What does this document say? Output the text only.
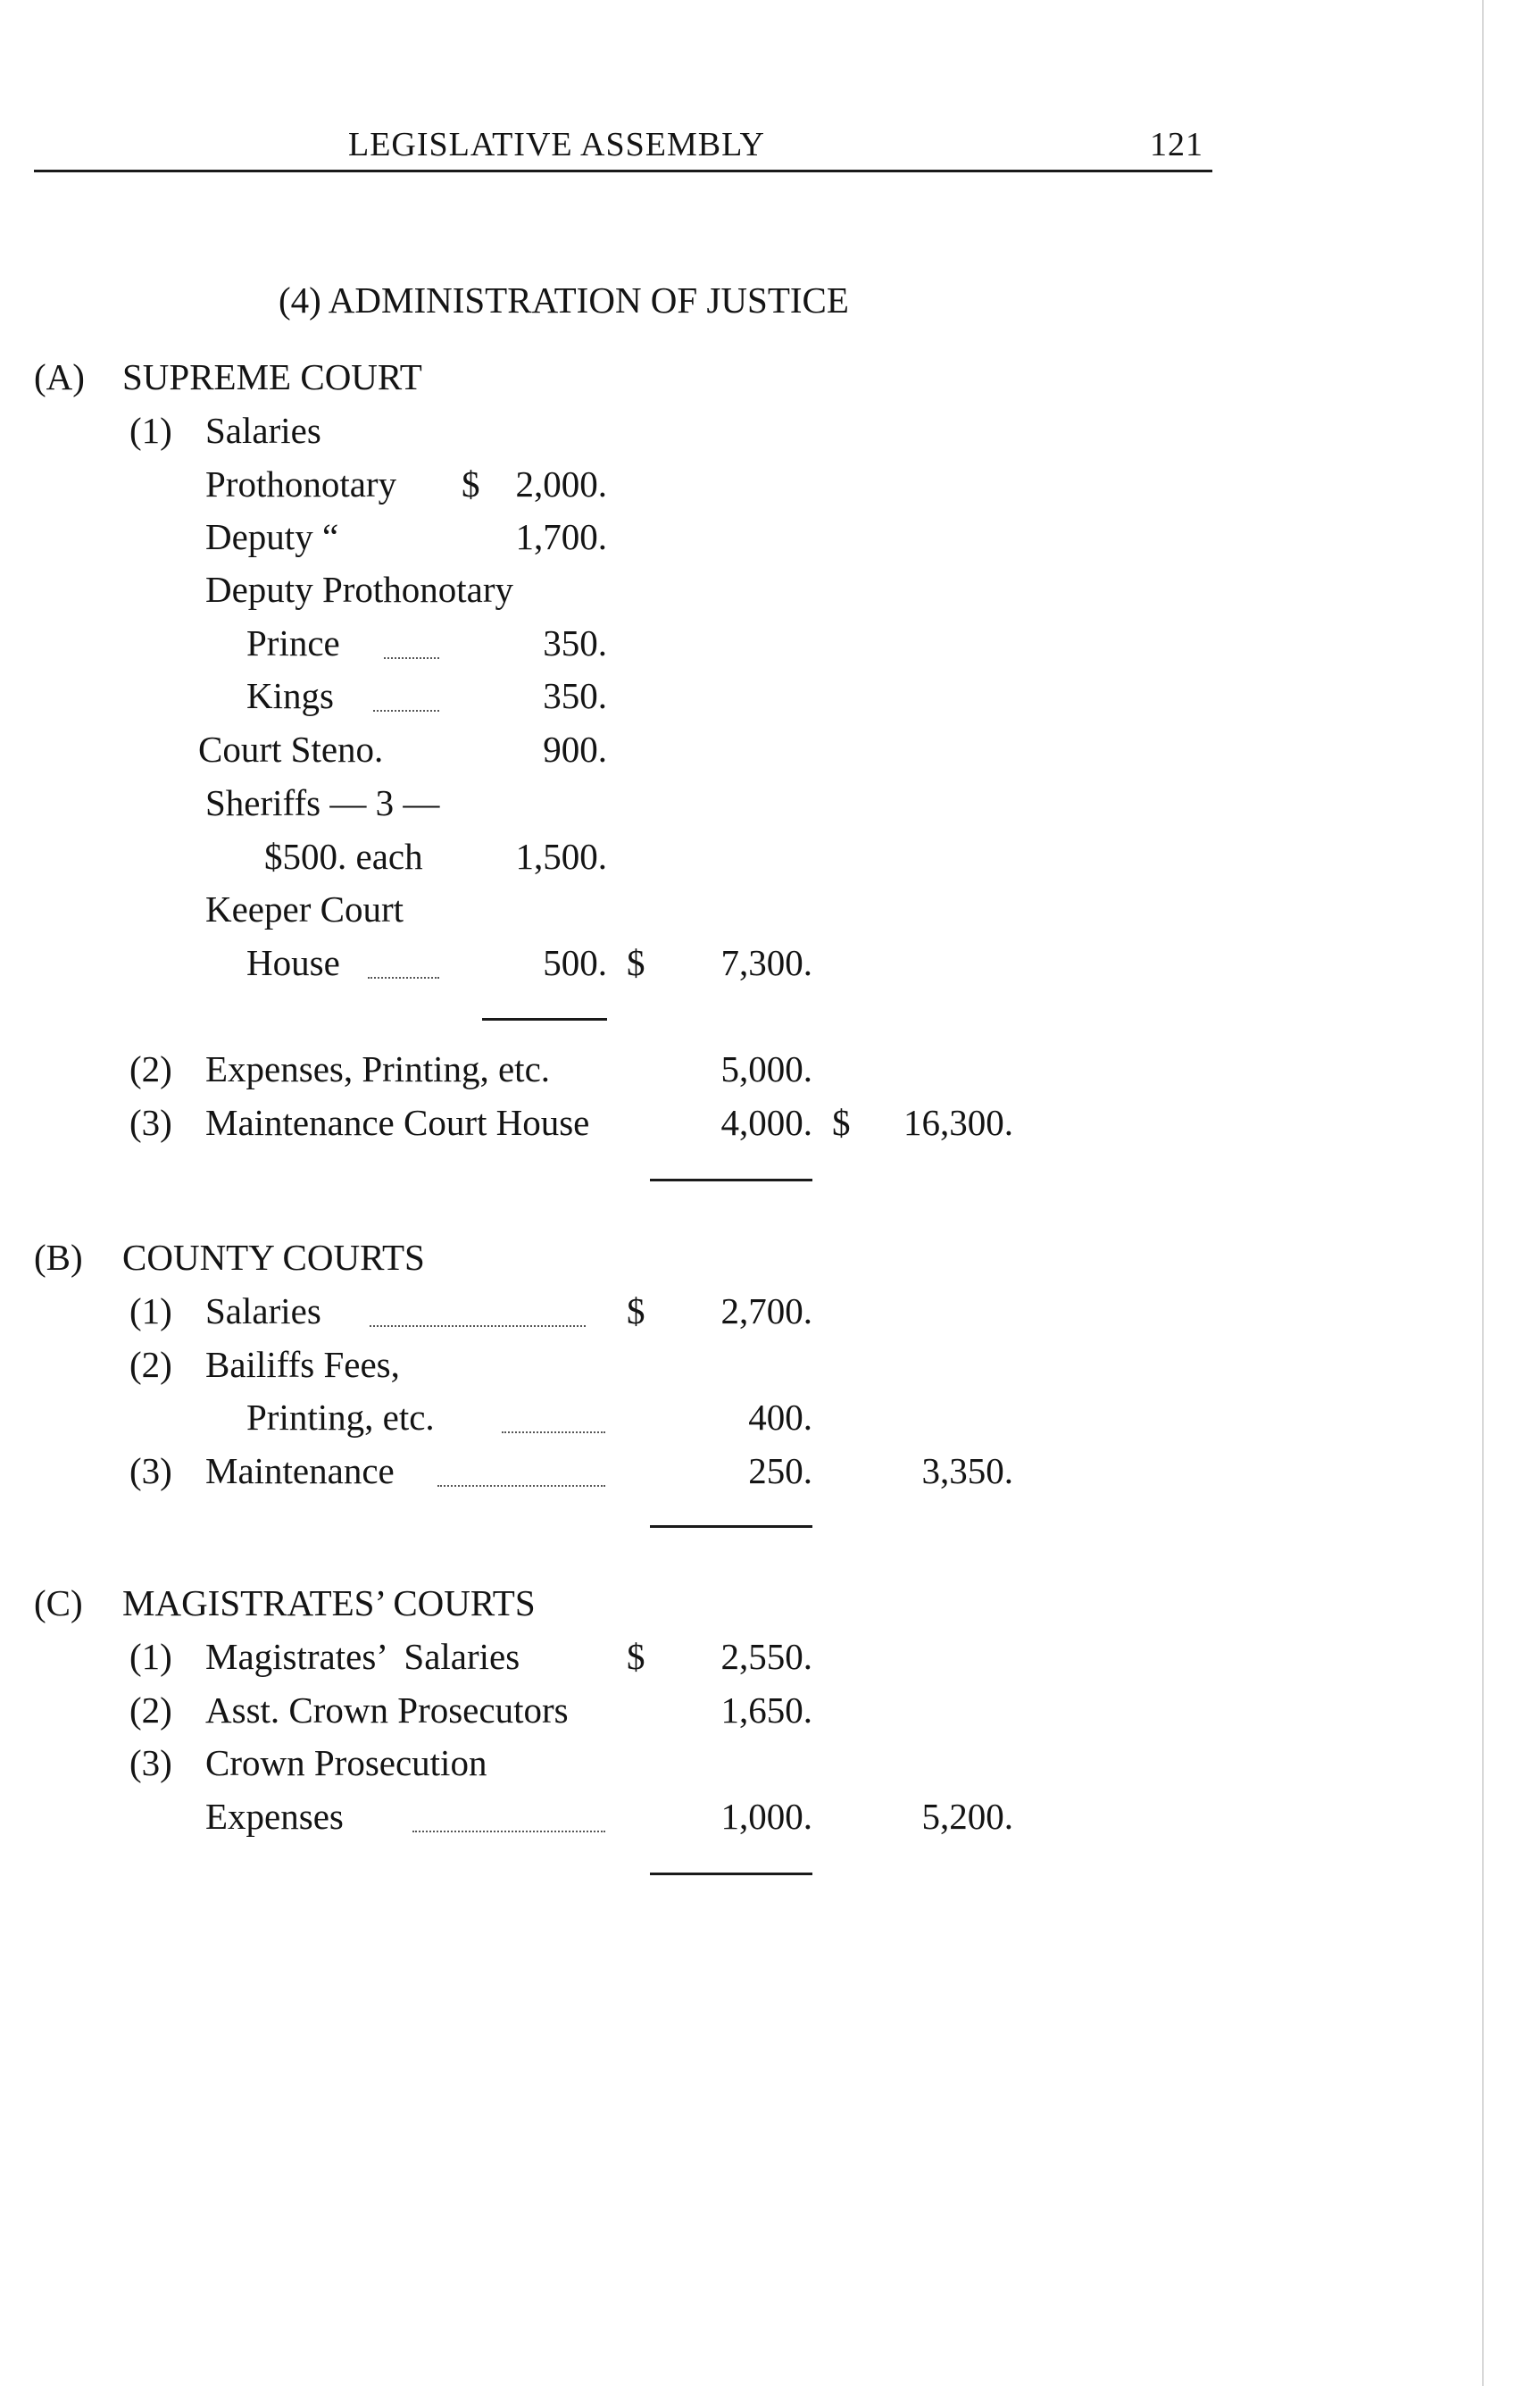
LEGISLATIVE ASSEMBLY	121
(4) ADMINISTRATION OF JUSTICE
(A) SUPREME COURT
(1) Salaries
Prothonotary $ 2,000.
Deputy “	1,700.
Deputy Prothonotary
Prince	350.
Kings	350.
Court Steno.	900.
Sheriffs — 3 —
$500. each	1,500.
Keeper Court
House	500. $	7,300.
(2) Expenses, Printing, etc.	5,000.
(3) Maintenance Court House	4,000. $	16,300.
(B) COUNTY COURTS
(1) Salaries	$	2,700.
(2) Bailiffs Fees,
Printing, etc.	400.
(3) Maintenance	250.	3,350.
(C) MAGISTRATES’ COURTS
(1) Magistrates’  Salaries	$	2,550.
(2) Asst. Crown Prosecutors	1,650.
(3) Crown Prosecution
Expenses	1,000.	5,200.
